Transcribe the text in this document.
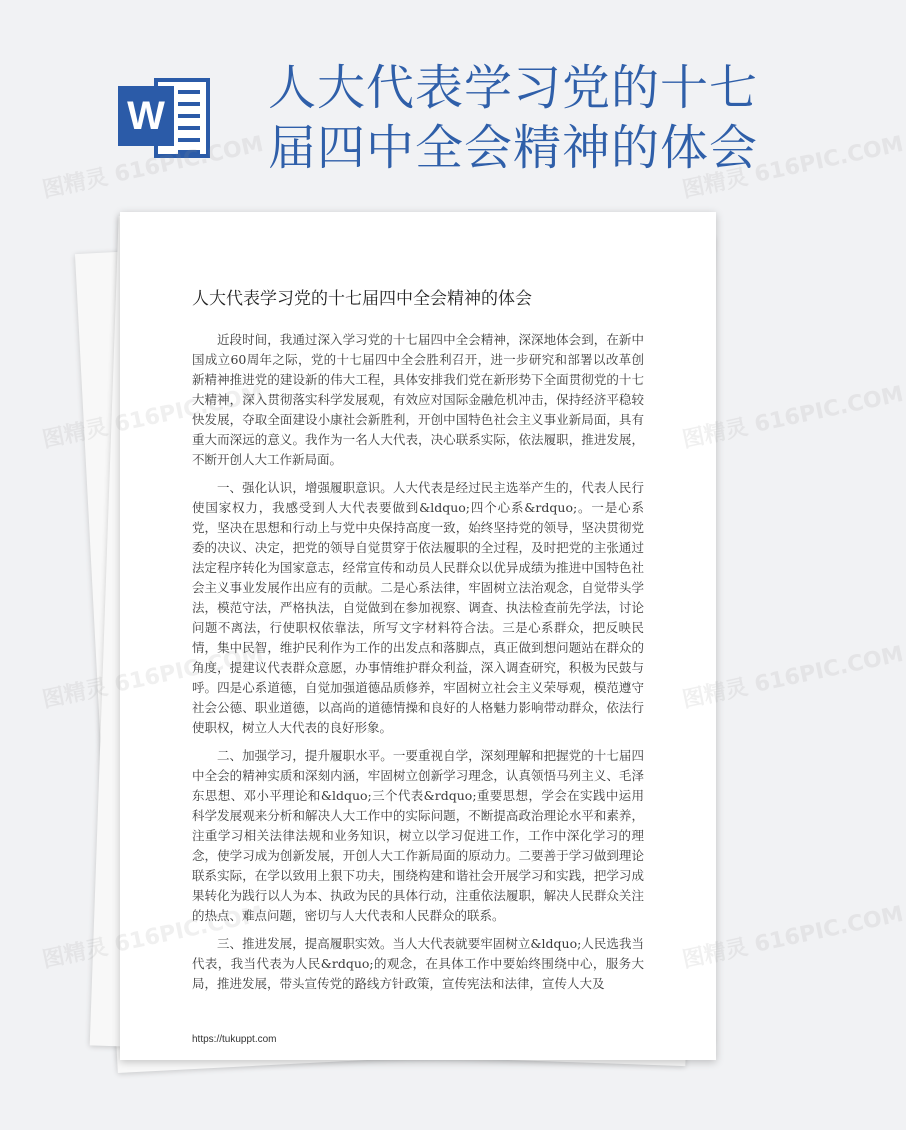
W 人大代表学习党的十七届四中全会精神的体会
人大代表学习党的十七届四中全会精神的体会

近段时间，我通过深入学习党的十七届四中全会精神，深深地体会到，在新中国成立60周年之际，党的十七届四中全会胜利召开，进一步研究和部署以改革创新精神推进党的建设新的伟大工程，具体安排我们党在新形势下全面贯彻党的十七大精神，深入贯彻落实科学发展观，有效应对国际金融危机冲击，保持经济平稳较快发展，夺取全面建设小康社会新胜利，开创中国特色社会主义事业新局面，具有重大而深远的意义。我作为一名人大代表，决心联系实际，依法履职，推进发展，不断开创人大工作新局面。

一、强化认识，增强履职意识。人大代表是经过民主选举产生的，代表人民行使国家权力，我感受到人大代表要做到&ldquo;四个心系&rdquo;。一是心系党，坚决在思想和行动上与党中央保持高度一致，始终坚持党的领导，坚决贯彻党委的决议、决定，把党的领导自觉贯穿于依法履职的全过程，及时把党的主张通过法定程序转化为国家意志，经常宣传和动员人民群众以优异成绩为推进中国特色社会主义事业发展作出应有的贡献。二是心系法律，牢固树立法治观念，自觉带头学法，模范守法，严格执法，自觉做到在参加视察、调查、执法检查前先学法，讨论问题不离法，行使职权依靠法，所写文字材料符合法。三是心系群众，把反映民情，集中民智，维护民利作为工作的出发点和落脚点，真正做到想问题站在群众的角度，提建议代表群众意愿，办事情维护群众利益，深入调查研究，积极为民鼓与呼。四是心系道德，自觉加强道德品质修养，牢固树立社会主义荣辱观，模范遵守社会公德、职业道德，以高尚的道德情操和良好的人格魅力影响带动群众，依法行使职权，树立人大代表的良好形象。

二、加强学习，提升履职水平。一要重视自学，深刻理解和把握党的十七届四中全会的精神实质和深刻内涵，牢固树立创新学习理念，认真领悟马列主义、毛泽东思想、邓小平理论和&ldquo;三个代表&rdquo;重要思想，学会在实践中运用科学发展观来分析和解决人大工作中的实际问题，不断提高政治理论水平和素养，注重学习相关法律法规和业务知识，树立以学习促进工作，工作中深化学习的理念，使学习成为创新发展，开创人大工作新局面的原动力。二要善于学习做到理论联系实际，在学以致用上狠下功夫，围绕构建和谐社会开展学习和实践，把学习成果转化为践行以人为本、执政为民的具体行动，注重依法履职，解决人民群众关注的热点、难点问题，密切与人大代表和人民群众的联系。

三、推进发展，提高履职实效。当人大代表就要牢固树立&ldquo;人民选我当代表，我当代表为人民&rdquo;的观念，在具体工作中要始终围绕中心，服务大局，推进发展，带头宣传党的路线方针政策，宣传宪法和法律，宣传人大及

https://tukuppt.com
图精灵 616PIC.COM	图精灵 616PIC.COM
图精灵	图精灵 616PIC.COM
图精灵	图精灵 616PIC.COM
图精灵	图精灵 616PIC.COM
